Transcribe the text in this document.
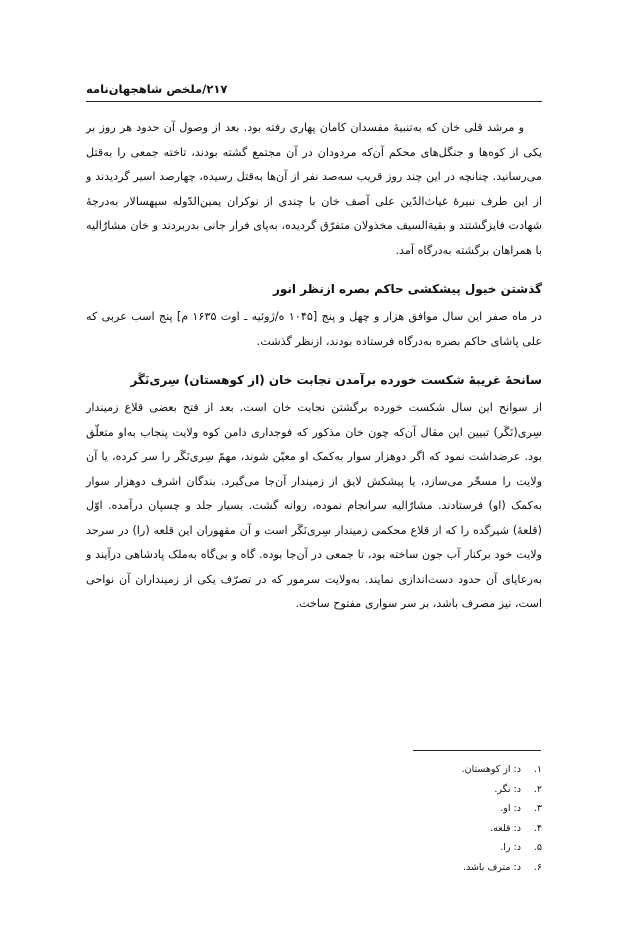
۲۱۷/ملخص شاهجهان‌نامه

و مرشد قلی خان که به‌تنبیهٔ مفسدان کامان پهاری رفته بود. بعد از وصول آن حدود هر روز بر یکی از کوه‌ها و جنگل‌های محکم آن‌که مردودان در آن مجتمع گشته بودند، تاخته جمعی را به‌قتل می‌رسانید. چنانچه در این چند روز قریب سه‌صد نفر از آن‌ها به‌قتل رسیده، چهارصد اسیر گردیدند و از این طرف نبیرهٔ غیاث‌الدّین علی آصف خان با چندی از نوکران یمین‌الدّوله سپهسالار به‌درجهٔ شهادت فایزگشتند و بقیةالسیف مخذولان متفرّق گردیده، به‌پای فرار جانی بدربردند و خان مشارٌالیه با همراهان برگشته به‌درگاه آمد.

گذشتن خیول پیشکشی حاکم بصره ازنظر انور

در ماه صفر این سال موافق هزار و چهل و پنج [۱۰۴۵ ه/ژوئیه ـ اوت ۱۶۳۵ م] پنج اسب عربی که علی پاشای حاکم بصره به‌درگاه فرستاده بودند، ازنظر گذشت.

سانحهٔ غریبهٔ شکست خورده برآمدن نجابت خان (از کوهستان) سِری‌نَگَر

از سوانح این سال شکست خورده برگشتن نجابت خان است. بعد از فتح بعضی قلاع زمیندار سِری(نَگَر) تبیین این مقال آن‌که چون خان مذکور که فوجداری دامن کوه ولایت پنجاب به‌او متعلّق بود. عرضداشت نمود که اگر دوهزار سوار به‌کمک او معیّن شوند، مهمّ سِری‌نَگَر را سر کرده، یا آن ولایت را مسخّر می‌سازد، یا پیشکش لایق از زمیندار آن‌جا می‌گیرد. بندگان اشرف دوهزار سوار به‌کمک (او) فرستادند. مشارٌالیه سرانجام نموده، روانه گشت. بسیار جلد و چسپان درآمده. اوّل (قلعهٔ) شیرگده را که از قلاع محکمی زمیندار سِری‌نَگَر است و آن مقهوران این قلعه (را) در سرحد ولایت خود برکنار آب جون ساخته بود، تا جمعی در آن‌جا بوده. گاه و بی‌گاه به‌ملک پادشاهی درآیند و به‌رعایای آن حدود دست‌اندازی نمایند. به‌ولایت سرمور که در تصرّف یکی از زمینداران آن نواحی است، نیز مصرف باشد، بر سر سواری مفتوح ساخت.

۱. د: از کوهستان.
۲. د: نگر.
۳. د: او.
۴. د: قلعه.
۵. د: را.
۶. د: مترف باشد.
